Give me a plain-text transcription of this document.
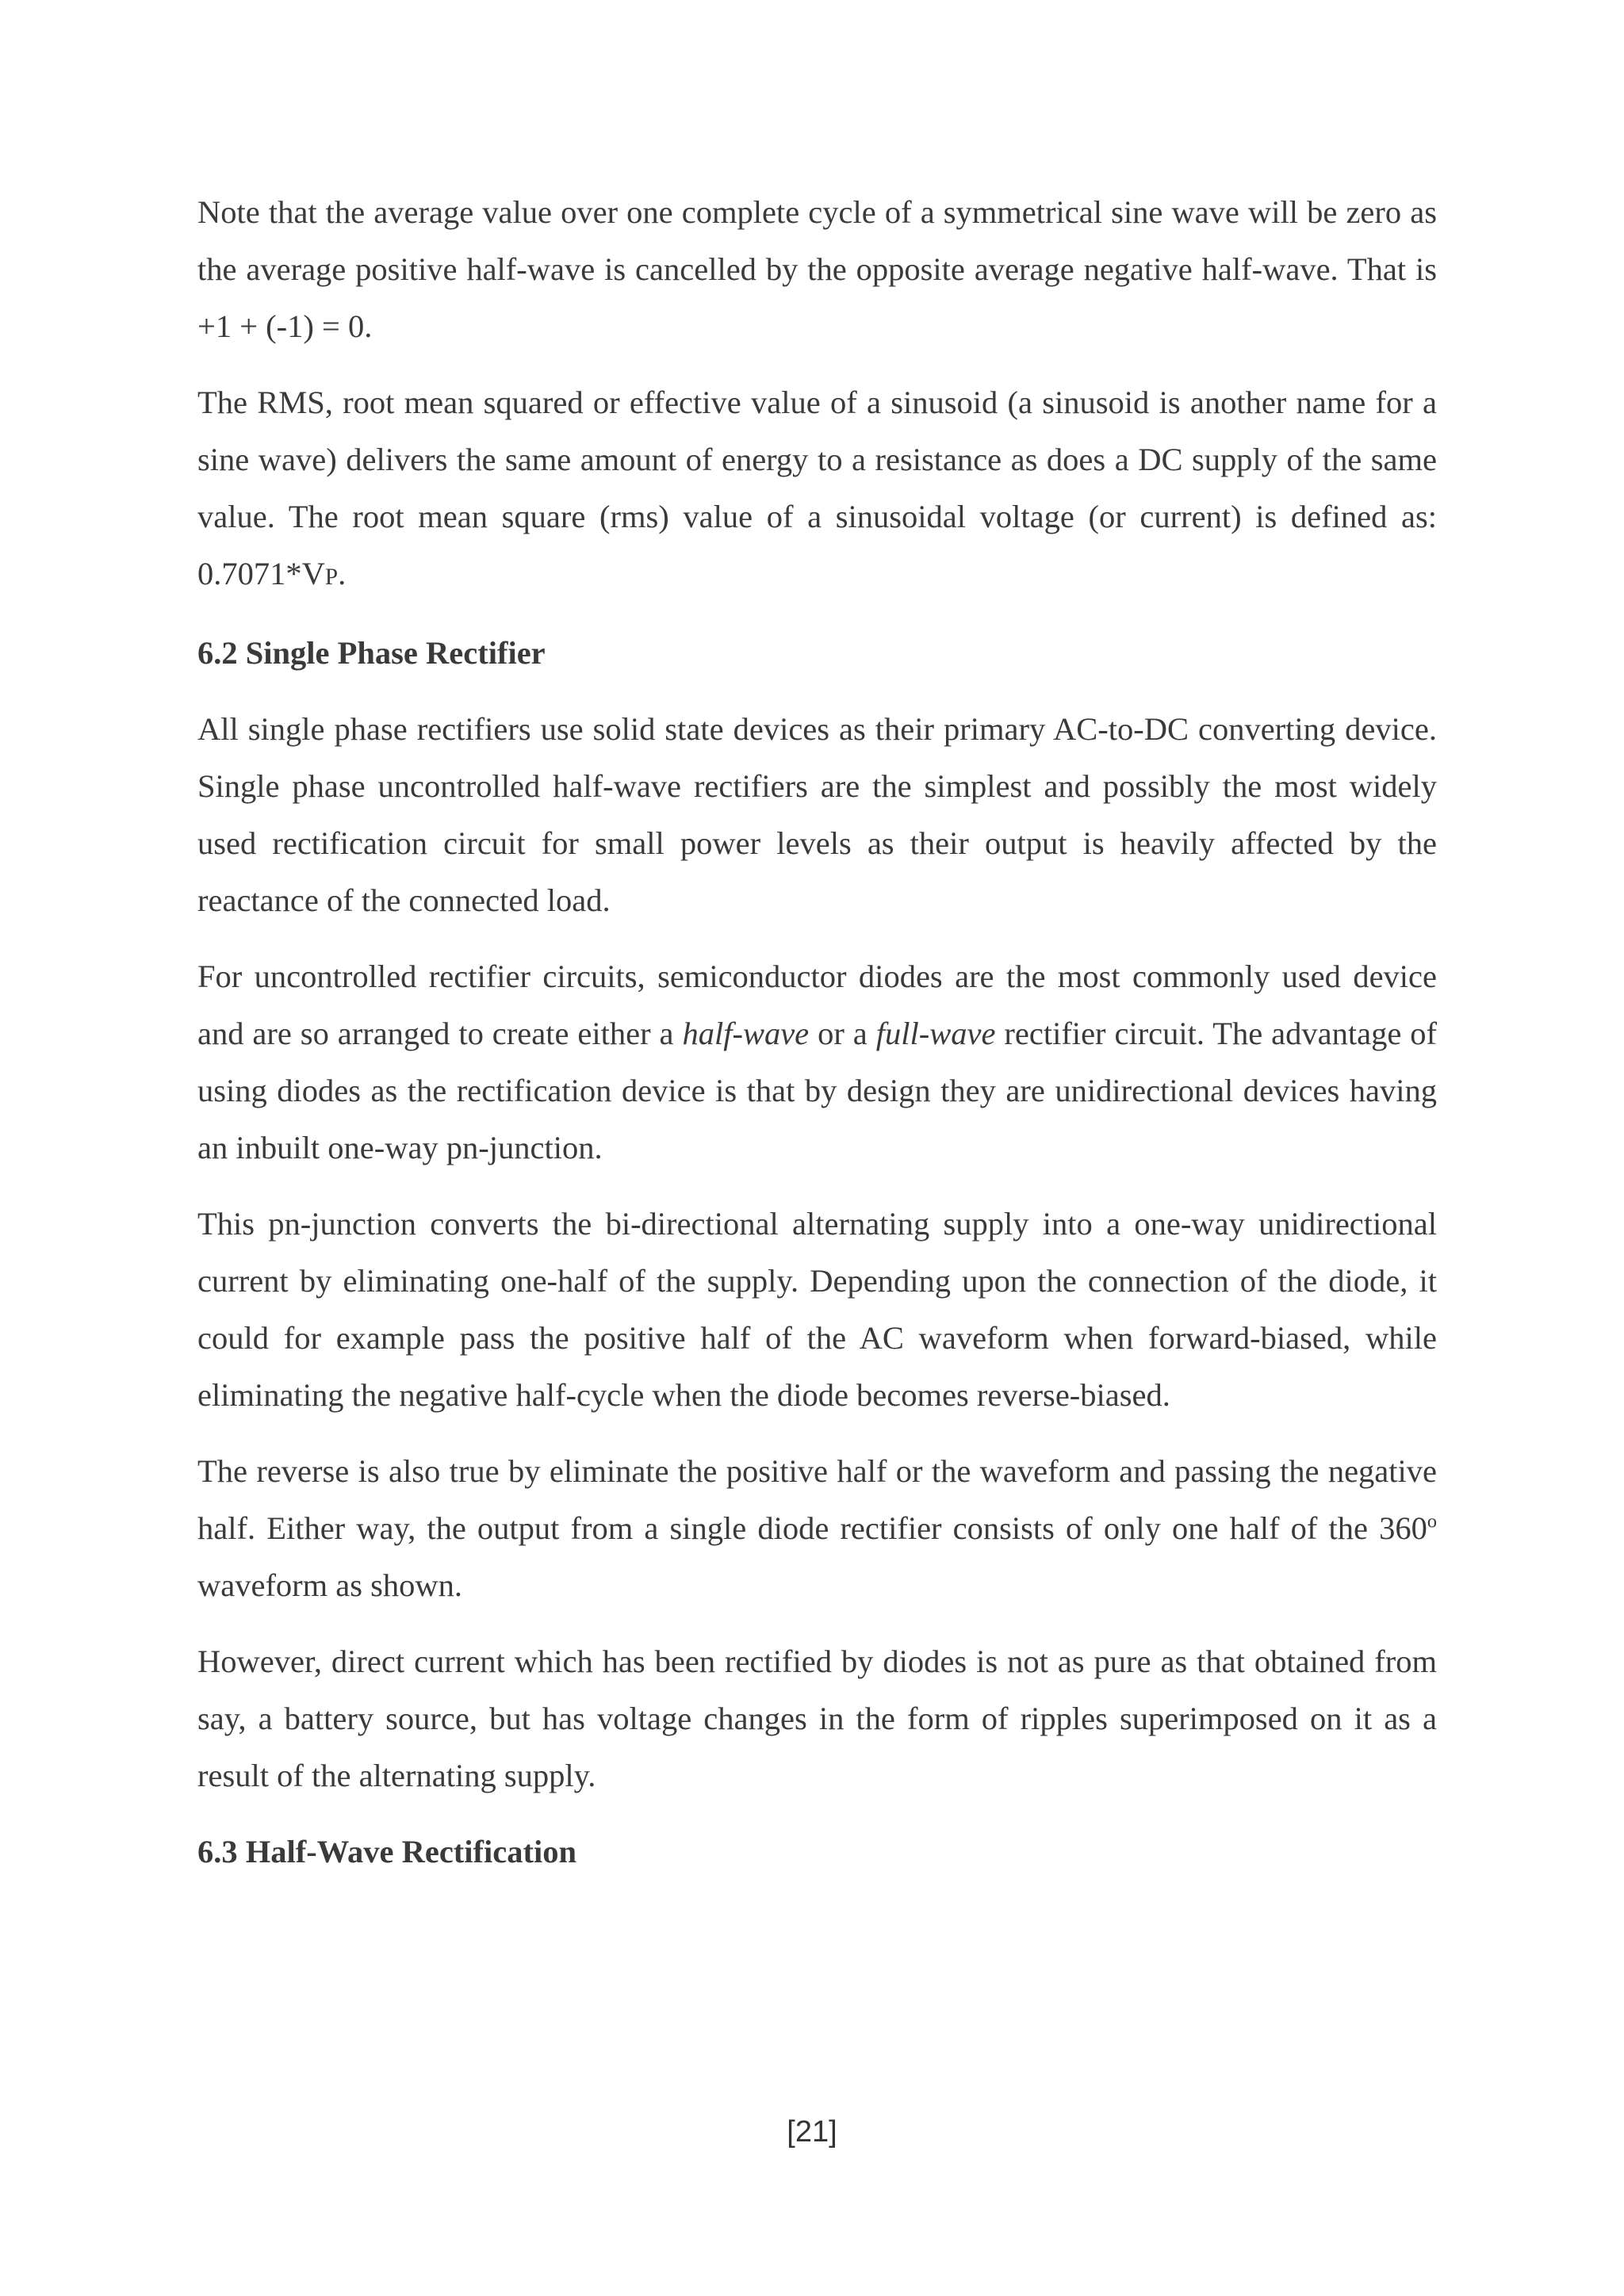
Note that the average value over one complete cycle of a symmetrical sine wave will be zero as the average positive half-wave is cancelled by the opposite average negative half-wave. That is +1 + (-1) = 0.

The RMS, root mean squared or effective value of a sinusoid (a sinusoid is another name for a sine wave) delivers the same amount of energy to a resistance as does a DC supply of the same value. The root mean square (rms) value of a sinusoidal voltage (or current) is defined as: 0.7071*VP.

6.2 Single Phase Rectifier

All single phase rectifiers use solid state devices as their primary AC-to-DC converting device. Single phase uncontrolled half-wave rectifiers are the simplest and possibly the most widely used rectification circuit for small power levels as their output is heavily affected by the reactance of the connected load.

For uncontrolled rectifier circuits, semiconductor diodes are the most commonly used device and are so arranged to create either a half-wave or a full-wave rectifier circuit. The advantage of using diodes as the rectification device is that by design they are unidirectional devices having an inbuilt one-way pn-junction.

This pn-junction converts the bi-directional alternating supply into a one-way unidirectional current by eliminating one-half of the supply. Depending upon the connection of the diode, it could for example pass the positive half of the AC waveform when forward-biased, while eliminating the negative half-cycle when the diode becomes reverse-biased.

The reverse is also true by eliminate the positive half or the waveform and passing the negative half. Either way, the output from a single diode rectifier consists of only one half of the 360$^o$ waveform as shown.

However, direct current which has been rectified by diodes is not as pure as that obtained from say, a battery source, but has voltage changes in the form of ripples superimposed on it as a result of the alternating supply.

6.3 Half-Wave Rectification

[21]
